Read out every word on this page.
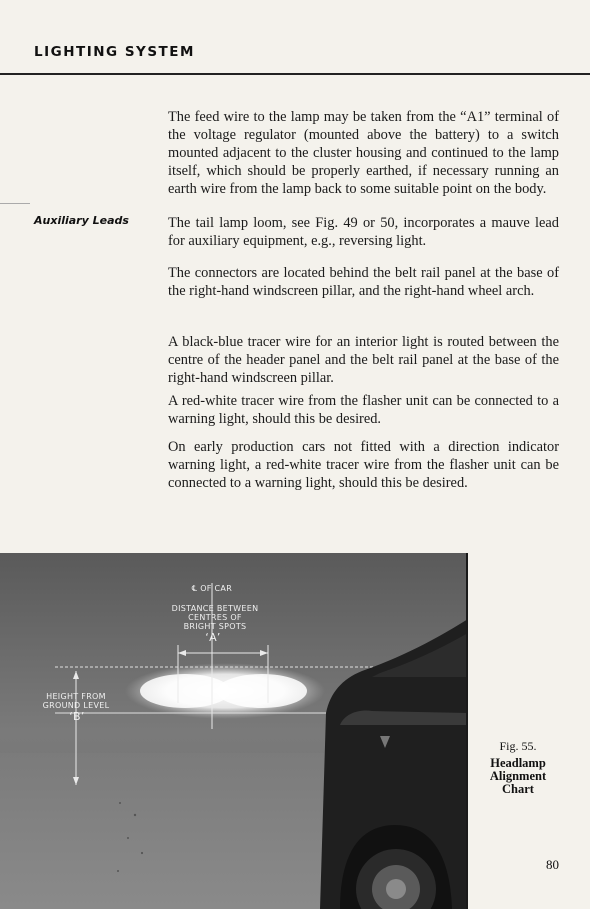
LIGHTING SYSTEM

The feed wire to the lamp may be taken from the “A1” terminal of the voltage regulator (mounted above the battery) to a switch mounted adjacent to the cluster housing and continued to the lamp itself, which should be properly earthed, if necessary running an earth wire from the lamp back to some suitable point on the body.

Auxiliary Leads	The tail lamp loom, see Fig. 49 or 50, incorporates a mauve lead for auxiliary equipment, e.g., reversing light.

The connectors are located behind the belt rail panel at the base of the right-hand windscreen pillar, and the right-hand wheel arch.

A black-blue tracer wire for an interior light is routed between the centre of the header panel and the belt rail panel at the base of the right-hand windscreen pillar.

A red-white tracer wire from the flasher unit can be connected to a warning light, should this be desired.

On early production cars not fitted with a direction indicator warning light, a red-white tracer wire from the flasher unit can be connected to a warning light, should this be desired.

℄ OF CAR
DISTANCE BETWEEN
CENTRES OF
BRIGHT SPOTS
‘A’
HEIGHT FROM
GROUND LEVEL
‘B’
Fig. 55.
Headlamp
Alignment
Chart
80
